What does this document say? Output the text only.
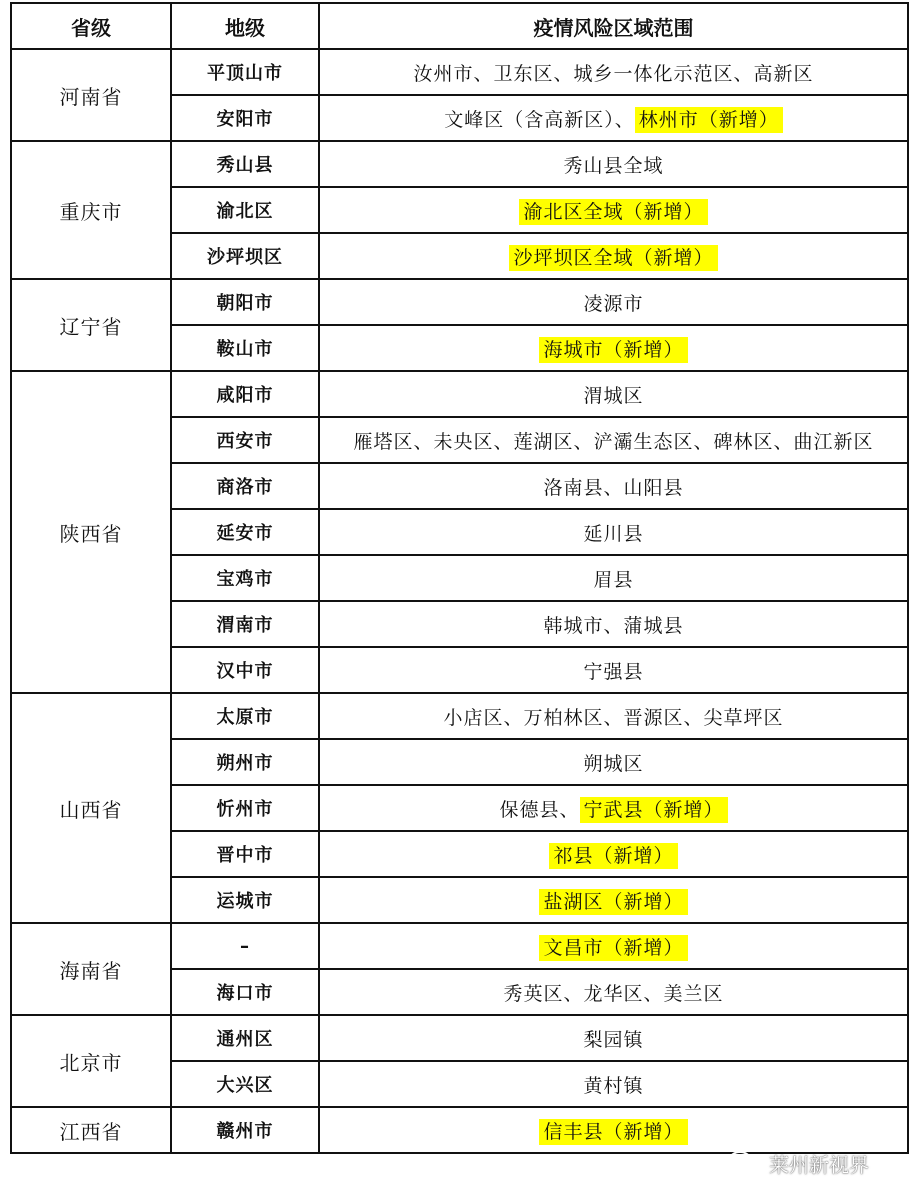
省级	地级	疫情风险区域范围
河南省	平顶山市	汝州市、卫东区、城乡一体化示范区、高新区
	安阳市	文峰区（含高新区）、 林州市（新增）
重庆市	秀山县	秀山县全域
	渝北区	渝北区全域（新增）
	沙坪坝区	沙坪坝区全域（新增）
辽宁省	朝阳市	凌源市
	鞍山市	海城市（新增）
陕西省	咸阳市	渭城区
	西安市	雁塔区、未央区、莲湖区、浐灞生态区、碑林区、曲江新区
	商洛市	洛南县、山阳县
	延安市	延川县
	宝鸡市	眉县
	渭南市	韩城市、蒲城县
	汉中市	宁强县
山西省	太原市	小店区、万柏林区、晋源区、尖草坪区
	朔州市	朔城区
	忻州市	保德县、 宁武县（新增）
	晋中市	祁县（新增）
	运城市	盐湖区（新增）
海南省	–	文昌市（新增）
	海口市	秀英区、龙华区、美兰区
北京市	通州区	梨园镇
	大兴区	黄村镇
江西省	赣州市	信丰县（新增）
莱州新视界
